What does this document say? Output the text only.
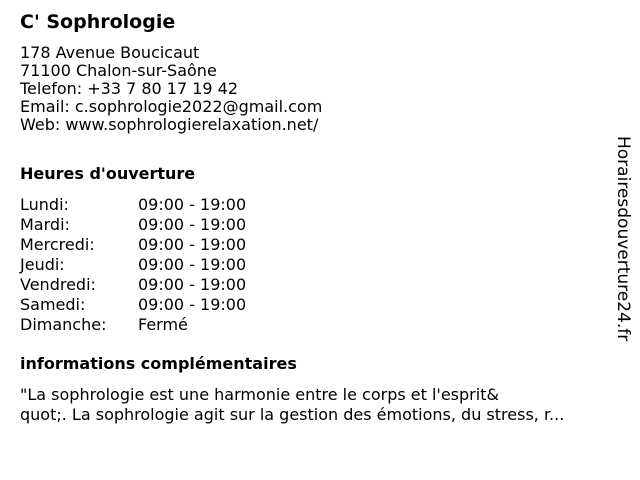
C' Sophrologie
178 Avenue Boucicaut
71100 Chalon-sur-Saône
Telefon: +33 7 80 17 19 42
Email: c.sophrologie2022@gmail.com
Web: www.sophrologierelaxation.net/
Heures d'ouverture
Lundi:	09:00 - 19:00
Mardi:	09:00 - 19:00
Mercredi:	09:00 - 19:00
Jeudi:	09:00 - 19:00
Vendredi:	09:00 - 19:00
Samedi:	09:00 - 19:00
Dimanche: Fermé
informations complémentaires
"La sophrologie est une harmonie entre le corps et l'esprit&
quot;. La sophrologie agit sur la gestion des émotions, du stress, r...
Horairesdouverture24.fr
